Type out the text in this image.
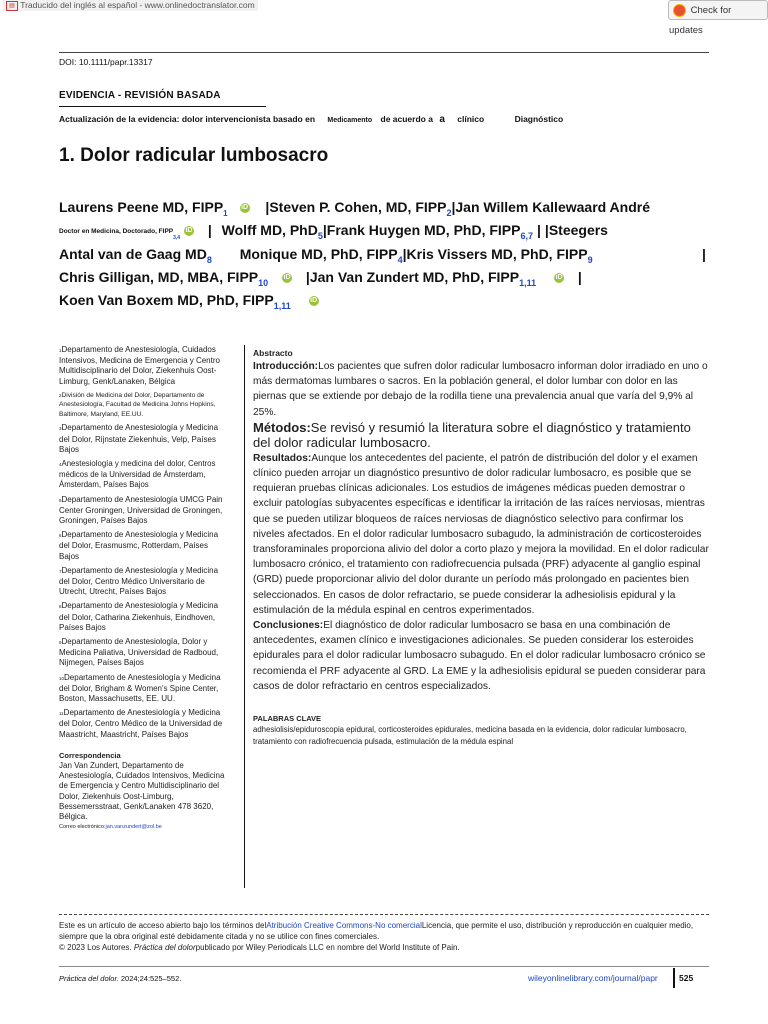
▤ Traducido del inglés al español - www.onlinedoctranslator.com	Check for updates
DOI: 10.1111/papr.13317
EVIDENCIA - REVISIÓN BASADA
Actualización de la evidencia: dolor intervencionista basado en Medicamento de acuerdo a a clínico	Diagnóstico
1. Dolor radicular lumbosacro
Laurens Peene MD, $FIPP_1$ iD |Steven P. Cohen, MD, $FIPP_2|Jan$ Willem Kallewaard André
Doctor en Medicina, Doctorado, $FIPP_{3,4}$ iD | Wolff MD, PhD$_5$|Frank Huygen MD, PhD, $FIPP_{6,7}$ | |Steegers
Antal van de Gaag $MD_8$ Monique MD, PhD, $FIPP_4|Kris$ Vissers MD, PhD, $FIPP_9$	|
Chris Gilligan, MD, MBA, $FIPP_{10}$ iD |Jan Van Zundert MD, PhD, $FIPP_{1,11}$	iD |
Koen Van Boxem MD, PhD, $FIPP_{1,11}$	iD
1Departamento de Anestesiología, Cuidados Intensivos, Medicina de Emergencia y Centro Multidisciplinario del Dolor, Ziekenhuis Oost-Limburg, Genk/Lanaken, Bélgica
2División de Medicina del Dolor, Departamento de Anestesiología, Facultad de Medicina Johns Hopkins, Baltimore, Maryland, EE.UU.
3Departamento de Anestesiología y Medicina del Dolor, Rijnstate Ziekenhuis, Velp, Países Bajos
4Anestesiología y medicina del dolor, Centros médicos de la Universidad de Ámsterdam, Ámsterdam, Países Bajos
5Departamento de Anestesiología UMCG Pain Center Groningen, Universidad de Groningen, Groningen, Países Bajos
6Departamento de Anestesiología y Medicina del Dolor, Erasmusmc, Rotterdam, Países Bajos
7Departamento de Anestesiología y Medicina del Dolor, Centro Médico Universitario de Utrecht, Utrecht, Países Bajos
8Departamento de Anestesiología y Medicina del Dolor, Catharina Ziekenhuis, Eindhoven, Países Bajos
9Departamento de Anestesiología, Dolor y Medicina Paliativa, Universidad de Radboud, Nijmegen, Países Bajos
10Departamento de Anestesiología y Medicina del Dolor, Brigham & Women's Spine Center, Boston, Massachusetts, EE. UU.
11Departamento de Anestesiología y Medicina del Dolor, Centro Médico de la Universidad de Maastricht, Maastricht, Países Bajos
Correspondencia
Jan Van Zundert, Departamento de Anestesiología, Cuidados Intensivos, Medicina de Emergencia y Centro Multidisciplinario del Dolor, Ziekenhuis Oost-Limburg, Bessemersstraat, Genk/Lanaken 478 3620, Bélgica.
Correo electrónico:jan.vanzundert@zol.be
Abstracto
Introducción:Los pacientes que sufren dolor radicular lumbosacro informan dolor irradiado en uno o más dermatomas lumbares o sacros. En la población general, el dolor lumbar con dolor en las piernas que se extiende por debajo de la rodilla tiene una prevalencia anual que varía del 9,9% al 25%.
Métodos:Se revisó y resumió la literatura sobre el diagnóstico y tratamiento del dolor radicular lumbosacro.
Resultados:Aunque los antecedentes del paciente, el patrón de distribución del dolor y el examen clínico pueden arrojar un diagnóstico presuntivo de dolor radicular lumbosacro, es posible que se requieran pruebas clínicas adicionales. Los estudios de imágenes médicas pueden demostrar o excluir patologías subyacentes específicas e identificar la irritación de las raíces nerviosas, mientras que se pueden utilizar bloqueos de raíces nerviosas de diagnóstico selectivo para confirmar los niveles afectados. En el dolor radicular lumbosacro subagudo, la administración de corticosteroides transforaminales proporciona alivio del dolor a corto plazo y mejora la movilidad. En el dolor radicular lumbosacro crónico, el tratamiento con radiofrecuencia pulsada (PRF) adyacente al ganglio espinal (GRD) puede proporcionar alivio del dolor durante un período más prolongado en pacientes bien seleccionados. En casos de dolor refractario, se puede considerar la adhesiolisis epidural y la estimulación de la médula espinal en centros experimentados.
Conclusiones:El diagnóstico de dolor radicular lumbosacro se basa en una combinación de antecedentes, examen clínico e investigaciones adicionales. Se pueden considerar los esteroides epidurales para el dolor radicular lumbosacro subagudo. En el dolor radicular lumbosacro crónico se recomienda el PRF adyacente al GRD. La EME y la adhesiolisis epidural se pueden considerar para casos de dolor refractario en centros especializados.
PALABRAS CLAVE
adhesiolisis/epiduroscopia epidural, corticosteroides epidurales, medicina basada en la evidencia, dolor radicular lumbosacro, tratamiento con radiofrecuencia pulsada, estimulación de la médula espinal
Este es un artículo de acceso abierto bajo los términos delAtribución Creative Commons-No comercialLicencia, que permite el uso, distribución y reproducción en cualquier medio, siempre que la obra original esté debidamente citada y no se utilice con fines comerciales.
© 2023 Los Autores. Práctica del dolorpublicado por Wiley Periodicals LLC en nombre del World Institute of Pain.
Práctica del dolor. 2024;24:525–552.	wileyonlinelibrary.com/journal/papr 525
